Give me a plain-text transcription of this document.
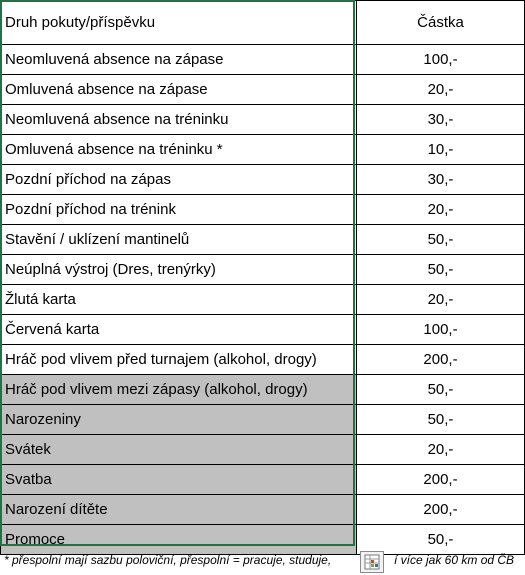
Druh pokuty/příspěvku	Částka
Neomluvená absence na zápase	100,-
Omluvená absence na zápase	20,-
Neomluvená absence na tréninku	30,-
Omluvená absence na tréninku *	10,-
Pozdní příchod na zápas	30,-
Pozdní příchod na trénink	20,-
Stavění / uklízení mantinelů	50,-
Neúplná výstroj (Dres, trenýrky)	50,-
Žlutá karta	20,-
Červená karta	100,-
Hráč pod vlivem před turnajem (alkohol, drogy)	200,-
Hráč pod vlivem mezi zápasy (alkohol, drogy)	50,-
Narozeniny	50,-
Svátek	20,-
Svatba	200,-
Narození dítěte	200,-
Promoce	50,-
* přespolní mají sazbu poloviční, přespolní = pracuje, studuje,	í více jak 60 km od ČB
